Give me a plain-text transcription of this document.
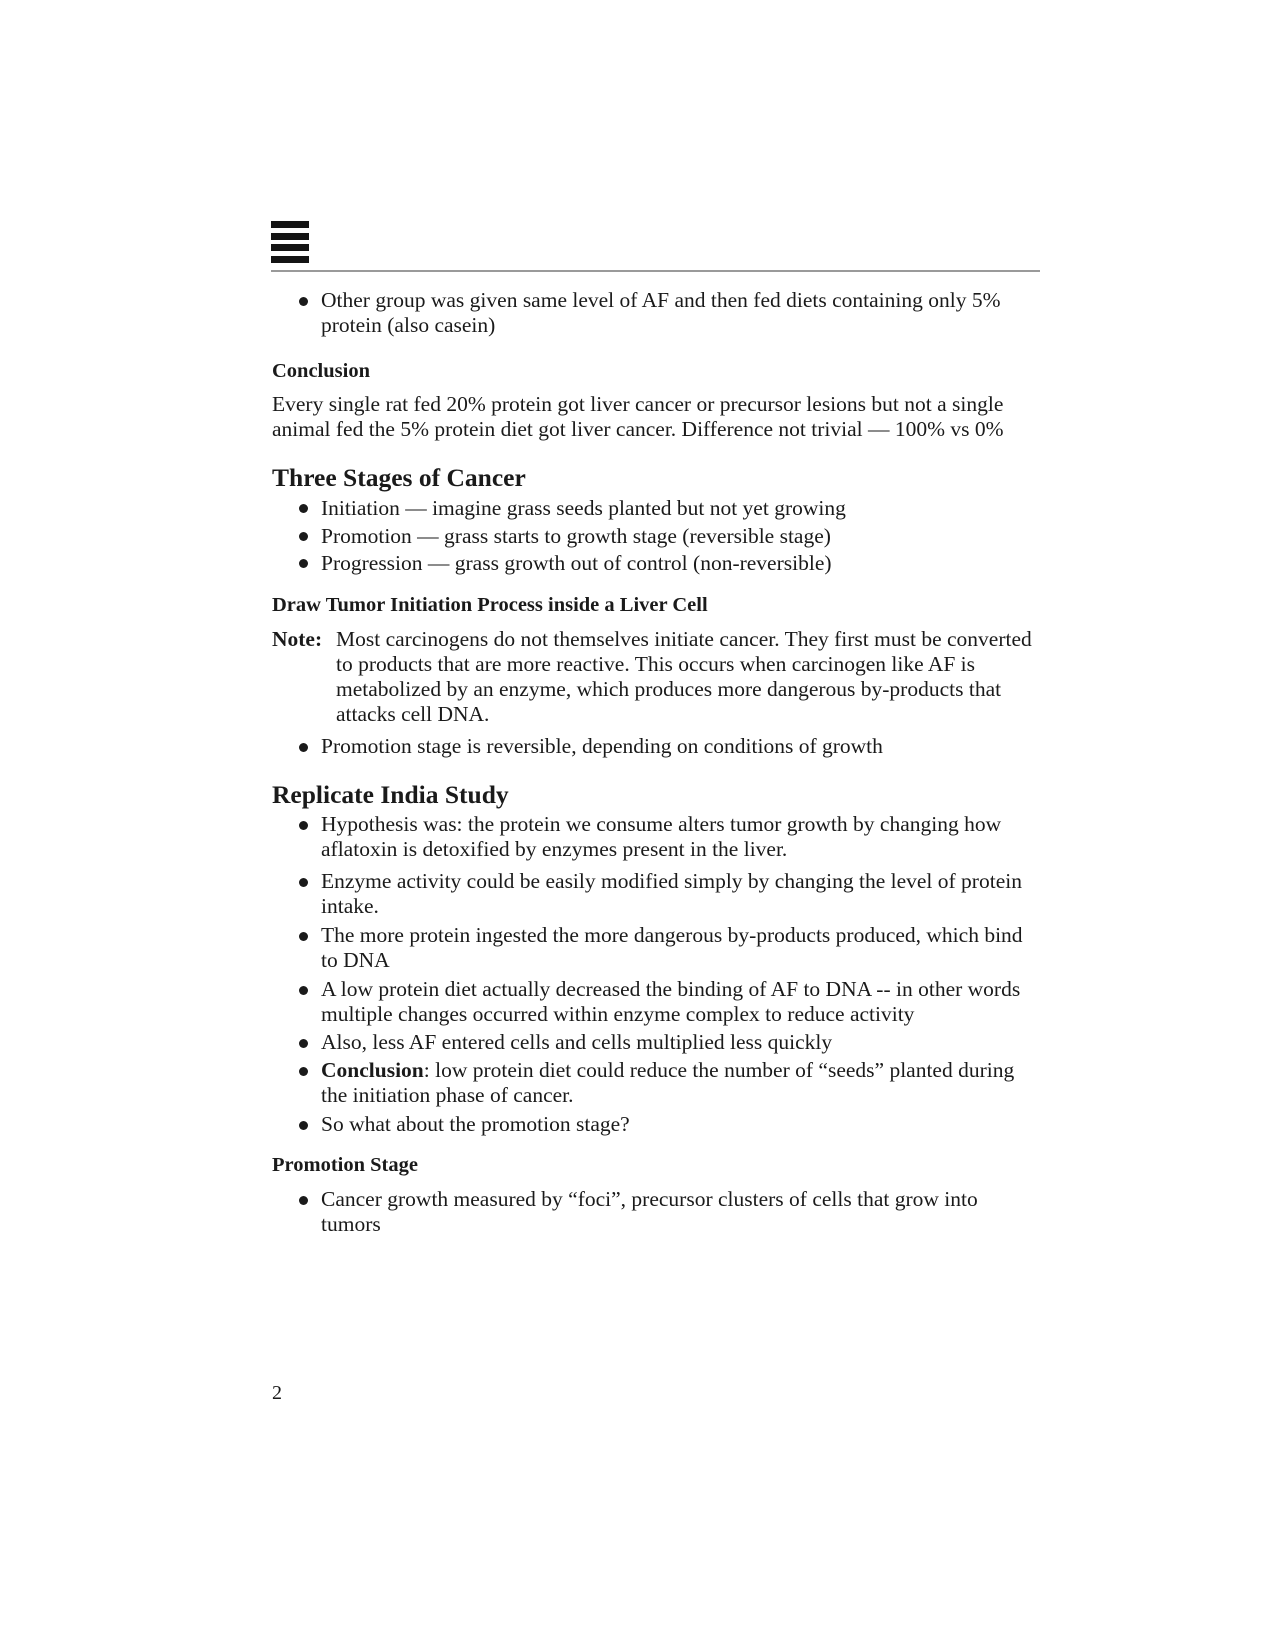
Other group was given same level of AF and then fed diets containing only 5% protein (also casein)

Conclusion

Every single rat fed 20% protein got liver cancer or precursor lesions but not a single animal fed the 5% protein diet got liver cancer. Difference not trivial — 100% vs 0%

Three Stages of Cancer

Initiation — imagine grass seeds planted but not yet growing
Promotion — grass starts to growth stage (reversible stage)
Progression — grass growth out of control (non-reversible)

Draw Tumor Initiation Process inside a Liver Cell

Note: Most carcinogens do not themselves initiate cancer. They first must be converted to products that are more reactive. This occurs when carcinogen like AF is metabolized by an enzyme, which produces more dangerous by-products that attacks cell DNA.
Promotion stage is reversible, depending on conditions of growth

Replicate India Study

Hypothesis was: the protein we consume alters tumor growth by changing how aflatoxin is detoxified by enzymes present in the liver.
Enzyme activity could be easily modified simply by changing the level of protein intake.
The more protein ingested the more dangerous by-products produced, which bind to DNA
A low protein diet actually decreased the binding of AF to DNA -- in other words multiple changes occurred within enzyme complex to reduce activity
Also, less AF entered cells and cells multiplied less quickly
Conclusion: low protein diet could reduce the number of “seeds” planted during the initiation phase of cancer.
So what about the promotion stage?

Promotion Stage

Cancer growth measured by “foci”, precursor clusters of cells that grow into tumors
2
